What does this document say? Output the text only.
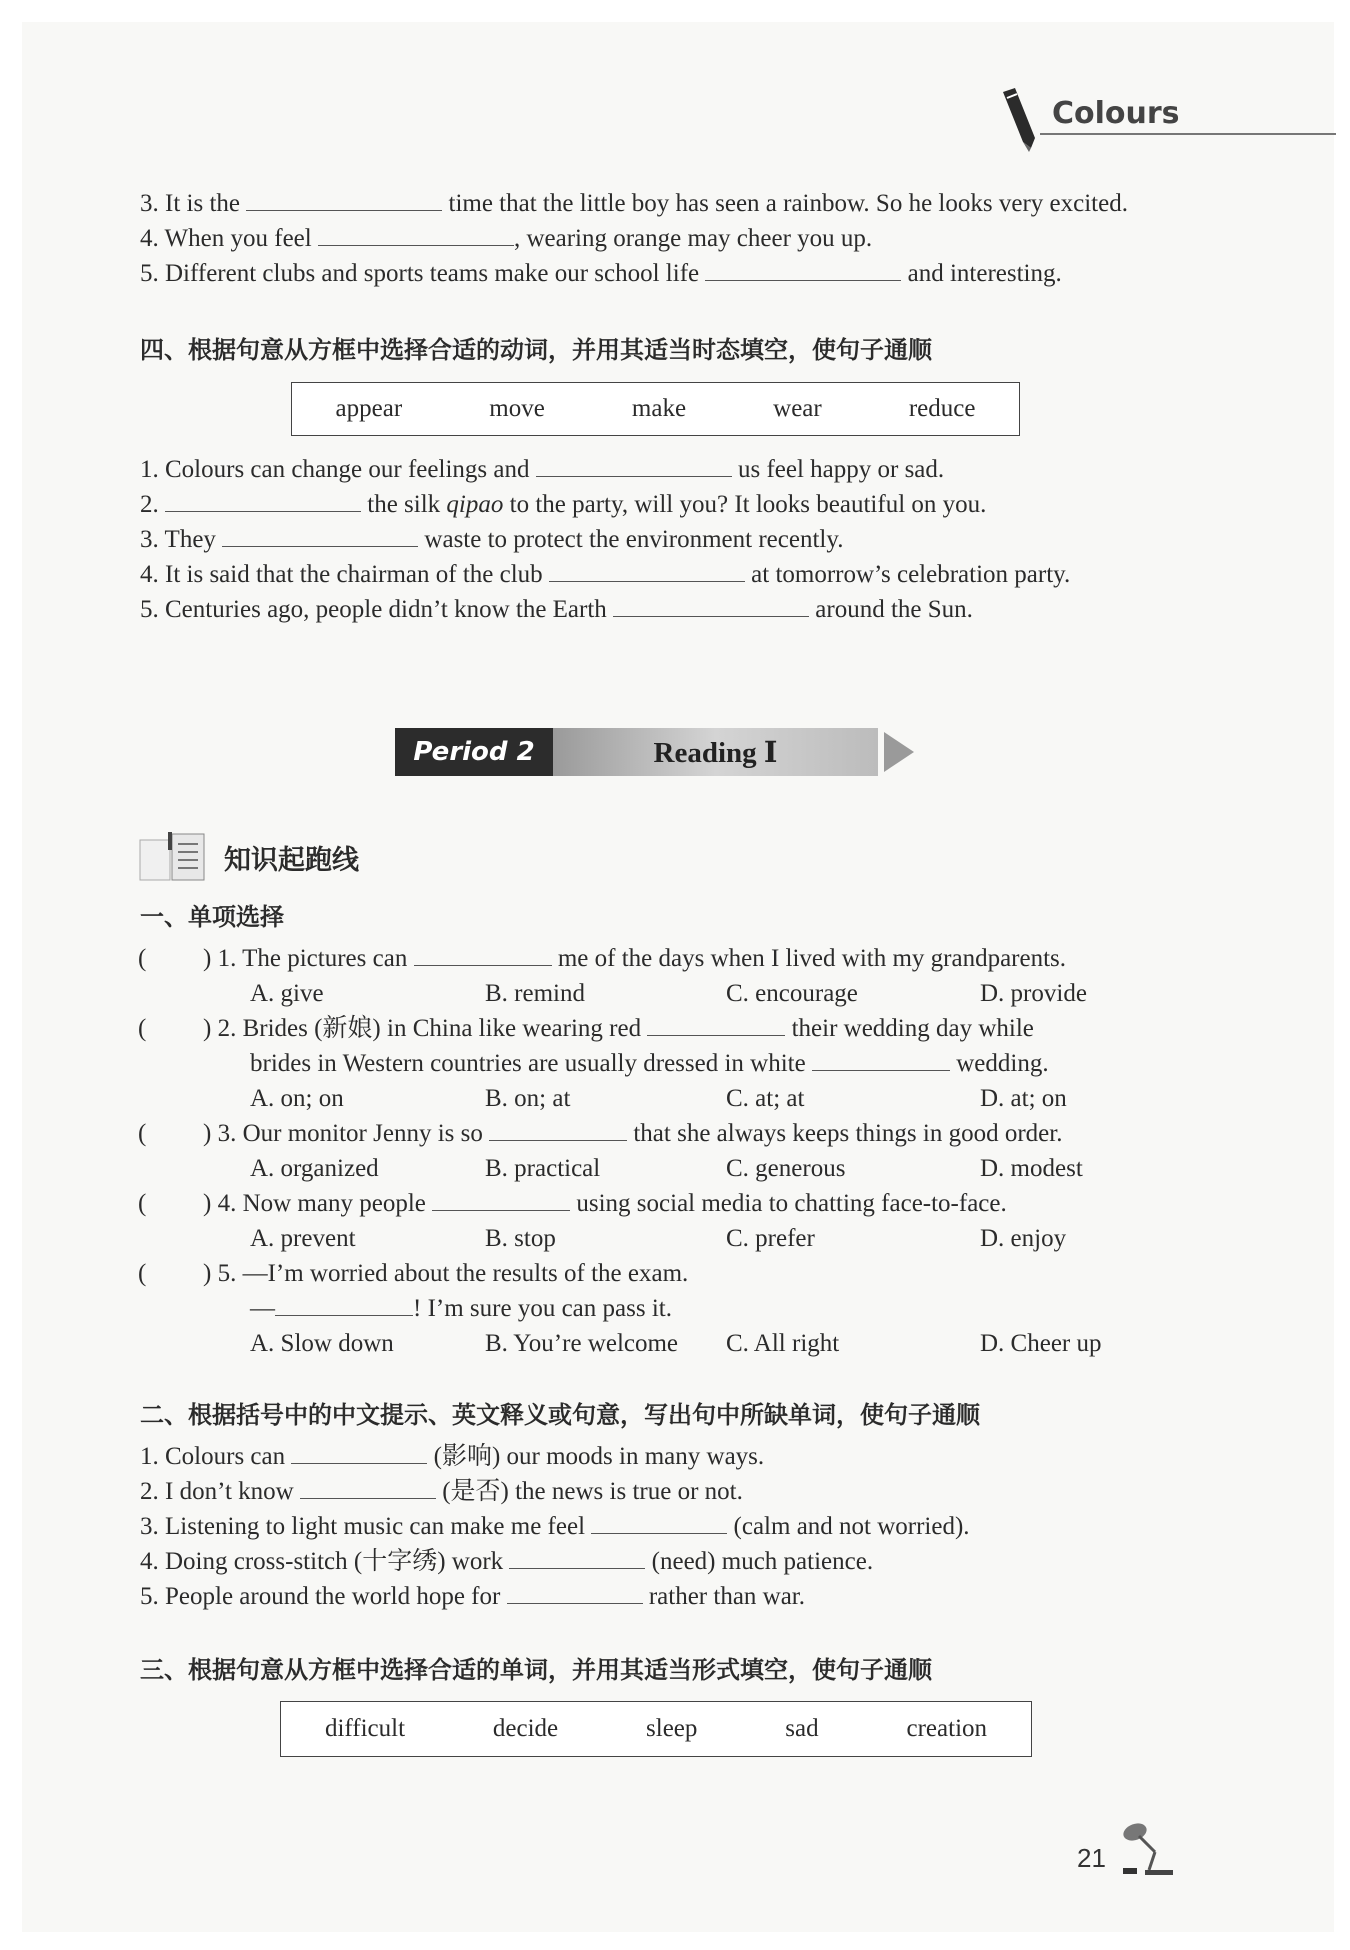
Colours
3. It is the	time that the little boy has seen a rainbow. So he looks very excited.
4. When you feel	, wearing orange may cheer you up.
5. Different clubs and sports teams make our school life	and interesting.
四、根据句意从方框中选择合适的动词，并用其适当时态填空，使句子通顺
appear	move	make	wear	reduce
1. Colours can change our feelings and	us feel happy or sad.
2.	the silk qipao to the party, will you? It looks beautiful on you.
3. They	waste to protect the environment recently.
4. It is said that the chairman of the club	at tomorrow’s celebration party.
5. Centuries ago, people didn’t know the Earth	around the Sun.
Period 2	Reading Ⅰ
知识起跑线
一、单项选择
( ) 1. The pictures can	me of the days when I lived with my grandparents.
A. give	B. remind	C. encourage	D. provide
( ) 2. Brides (新娘) in China like wearing red	their wedding day while
brides in Western countries are usually dressed in white	wedding.
A. on; on	B. on; at	C. at; at	D. at; on
( ) 3. Our monitor Jenny is so	that she always keeps things in good order.
A. organized	B. practical	C. generous	D. modest
( ) 4. Now many people	using social media to chatting face-to-face.
A. prevent	B. stop	C. prefer	D. enjoy
( ) 5. —I’m worried about the results of the exam.
—	! I’m sure you can pass it.
A. Slow down	B. You’re welcome C. All right	D. Cheer up
二、根据括号中的中文提示、英文释义或句意，写出句中所缺单词，使句子通顺
1. Colours can	(影响) our moods in many ways.
2. I don’t know	(是否) the news is true or not.
3. Listening to light music can make me feel	(calm and not worried).
4. Doing cross-stitch (十字绣) work	(need) much patience.
5. People around the world hope for	rather than war.
三、根据句意从方框中选择合适的单词，并用其适当形式填空，使句子通顺
difficult	decide	sleep	sad	creation
21
